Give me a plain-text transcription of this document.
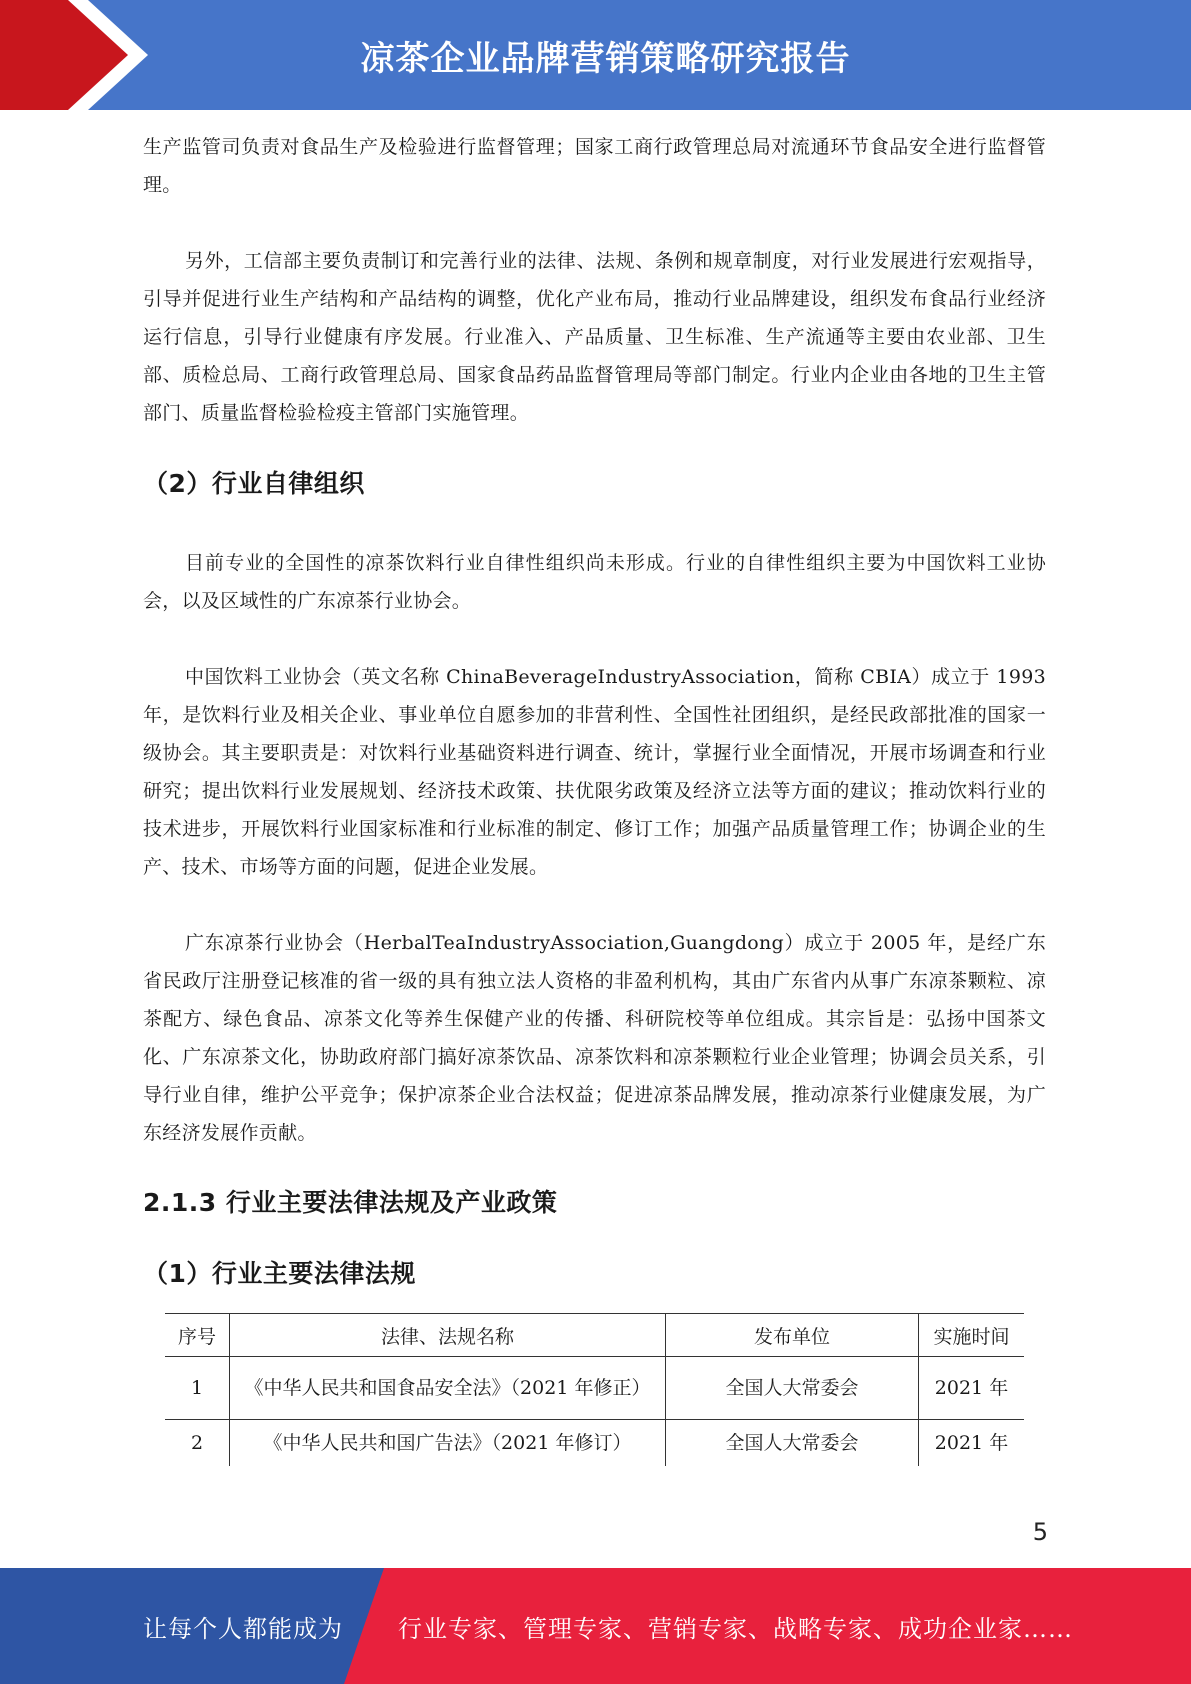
凉茶企业品牌营销策略研究报告

生产监管司负责对食品生产及检验进行监督管理；国家工商行政管理总局对流通环节食品安全进行监督管理。

另外，工信部主要负责制订和完善行业的法律、法规、条例和规章制度，对行业发展进行宏观指导，引导并促进行业生产结构和产品结构的调整，优化产业布局，推动行业品牌建设，组织发布食品行业经济运行信息，引导行业健康有序发展。行业准入、产品质量、卫生标准、生产流通等主要由农业部、卫生部、质检总局、工商行政管理总局、国家食品药品监督管理局等部门制定。行业内企业由各地的卫生主管部门、质量监督检验检疫主管部门实施管理。

（2）行业自律组织

目前专业的全国性的凉茶饮料行业自律性组织尚未形成。行业的自律性组织主要为中国饮料工业协会，以及区域性的广东凉茶行业协会。

中国饮料工业协会（英文名称 ChinaBeverageIndustryAssociation，简称 CBIA）成立于 1993 年，是饮料行业及相关企业、事业单位自愿参加的非营利性、全国性社团组织，是经民政部批准的国家一级协会。其主要职责是：对饮料行业基础资料进行调查、统计，掌握行业全面情况，开展市场调查和行业研究；提出饮料行业发展规划、经济技术政策、扶优限劣政策及经济立法等方面的建议；推动饮料行业的技术进步，开展饮料行业国家标准和行业标准的制定、修订工作；加强产品质量管理工作；协调企业的生产、技术、市场等方面的问题，促进企业发展。

广东凉茶行业协会（HerbalTeaIndustryAssociation,Guangdong）成立于 2005 年，是经广东省民政厅注册登记核准的省一级的具有独立法人资格的非盈利机构，其由广东省内从事广东凉茶颗粒、凉茶配方、绿色食品、凉茶文化等养生保健产业的传播、科研院校等单位组成。其宗旨是：弘扬中国茶文化、广东凉茶文化，协助政府部门搞好凉茶饮品、凉茶饮料和凉茶颗粒行业企业管理；协调会员关系，引导行业自律，维护公平竞争；保护凉茶企业合法权益；促进凉茶品牌发展，推动凉茶行业健康发展，为广东经济发展作贡献。

2.1.3 行业主要法律法规及产业政策
（1）行业主要法律法规
序号	法律、法规名称	发布单位	实施时间
1	《中华人民共和国食品安全法》（2021 年修正）	全国人大常委会	2021 年
2	《中华人民共和国广告法》（2021 年修订）	全国人大常委会	2021 年
5
让每个人都能成为 行业专家、管理专家、营销专家、战略专家、成功企业家……
